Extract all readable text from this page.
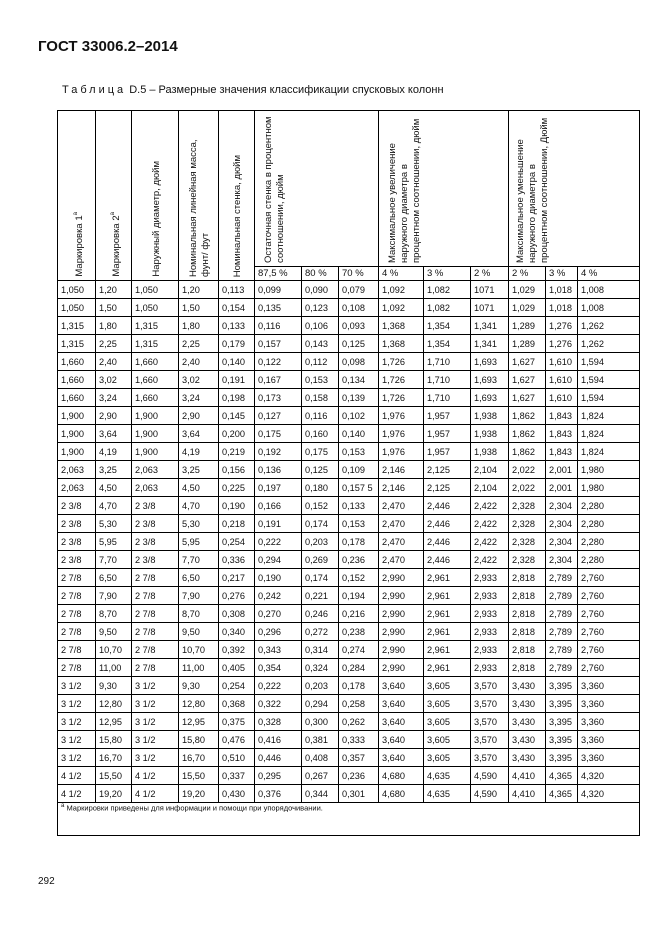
ГОСТ 33006.2–2014

Таблица D.5 – Размерные значения классификации спусковых колонн

Маркировка 1$^a$	Маркировка 2$^a$	Наружный диаметр, дюйм	Номинальная линейная масса, фунт/ фут	Номинальная стенка, дюйм	Остаточная стенка в процентном соотношении, дюйм			Максимальное увеличение наружного диаметра в процентном соотношении, дюйм			Максимальное уменьшение наружного диаметра в процентном соотношении, Дюйм		

					87,5 %	80 %	70 %	4 %	3 %	2 %	2 %	3 %	4 %
1,050	1,20	1,050	1,20	0,113	0,099	0,090	0,079	1,092	1,082	1071	1,029	1,018	1,008
1,050	1,50	1,050	1,50	0,154	0,135	0,123	0,108	1,092	1,082	1071	1,029	1,018	1,008
1,315	1,80	1,315	1,80	0,133	0,116	0,106	0,093	1,368	1,354	1,341	1,289	1,276	1,262
1,315	2,25	1,315	2,25	0,179	0,157	0,143	0,125	1,368	1,354	1,341	1,289	1,276	1,262
1,660	2,40	1,660	2,40	0,140	0,122	0,112	0,098	1,726	1,710	1,693	1,627	1,610	1,594
1,660	3,02	1,660	3,02	0,191	0,167	0,153	0,134	1,726	1,710	1,693	1,627	1,610	1,594
1,660	3,24	1,660	3,24	0,198	0,173	0,158	0,139	1,726	1,710	1,693	1,627	1,610	1,594
1,900	2,90	1,900	2,90	0,145	0,127	0,116	0,102	1,976	1,957	1,938	1,862	1,843	1,824
1,900	3,64	1,900	3,64	0,200	0,175	0,160	0,140	1,976	1,957	1,938	1,862	1,843	1,824
1,900	4,19	1,900	4,19	0,219	0,192	0,175	0,153	1,976	1,957	1,938	1,862	1,843	1,824
2,063	3,25	2,063	3,25	0,156	0,136	0,125	0,109	2,146	2,125	2,104	2,022	2,001	1,980
2,063	4,50	2,063	4,50	0,225	0,197	0,180	0,157 5	2,146	2,125	2,104	2,022	2,001	1,980
2 3/8	4,70	2 3/8	4,70	0,190	0,166	0,152	0,133	2,470	2,446	2,422	2,328	2,304	2,280
2 3/8	5,30	2 3/8	5,30	0,218	0,191	0,174	0,153	2,470	2,446	2,422	2,328	2,304	2,280
2 3/8	5,95	2 3/8	5,95	0,254	0,222	0,203	0,178	2,470	2,446	2,422	2,328	2,304	2,280
2 3/8	7,70	2 3/8	7,70	0,336	0,294	0,269	0,236	2,470	2,446	2,422	2,328	2,304	2,280
2 7/8	6,50	2 7/8	6,50	0,217	0,190	0,174	0,152	2,990	2,961	2,933	2,818	2,789	2,760
2 7/8	7,90	2 7/8	7,90	0,276	0,242	0,221	0,194	2,990	2,961	2,933	2,818	2,789	2,760
2 7/8	8,70	2 7/8	8,70	0,308	0,270	0,246	0,216	2,990	2,961	2,933	2,818	2,789	2,760
2 7/8	9,50	2 7/8	9,50	0,340	0,296	0,272	0,238	2,990	2,961	2,933	2,818	2,789	2,760
2 7/8	10,70	2 7/8	10,70	0,392	0,343	0,314	0,274	2,990	2,961	2,933	2,818	2,789	2,760
2 7/8	11,00	2 7/8	11,00	0,405	0,354	0,324	0,284	2,990	2,961	2,933	2,818	2,789	2,760
3 1/2	9,30	3 1/2	9,30	0,254	0,222	0,203	0,178	3,640	3,605	3,570	3,430	3,395	3,360
3 1/2	12,80	3 1/2	12,80	0,368	0,322	0,294	0,258	3,640	3,605	3,570	3,430	3,395	3,360
3 1/2	12,95	3 1/2	12,95	0,375	0,328	0,300	0,262	3,640	3,605	3,570	3,430	3,395	3,360
3 1/2	15,80	3 1/2	15,80	0,476	0,416	0,381	0,333	3,640	3,605	3,570	3,430	3,395	3,360
3 1/2	16,70	3 1/2	16,70	0,510	0,446	0,408	0,357	3,640	3,605	3,570	3,430	3,395	3,360
4 1/2	15,50	4 1/2	15,50	0,337	0,295	0,267	0,236	4,680	4,635	4,590	4,410	4,365	4,320
4 1/2	19,20	4 1/2	19,20	0,430	0,376	0,344	0,301	4,680	4,635	4,590	4,410	4,365	4,320
$^a$ Маркировки приведены для информации и помощи при упорядочивании.													

292
